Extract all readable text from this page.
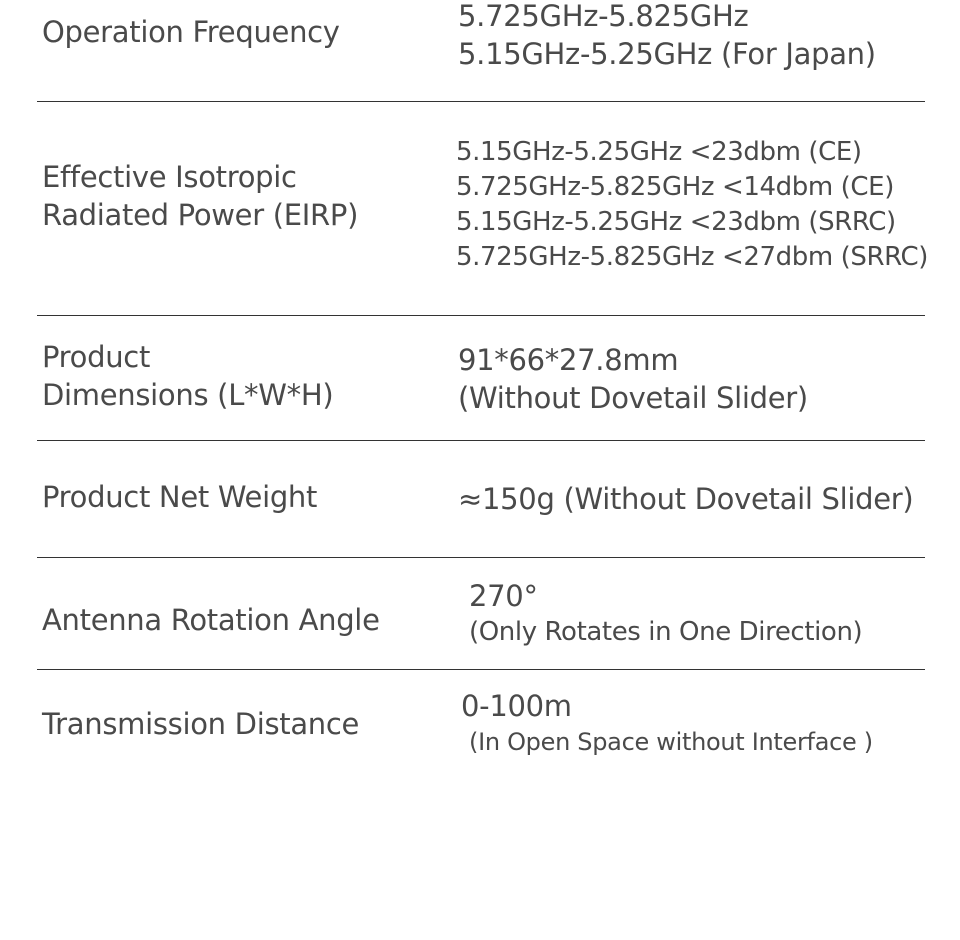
Operation Frequency	5.725GHz-5.825GHz
5.15GHz-5.25GHz (For Japan)
Effective Isotropic
Radiated Power (EIRP)
5.15GHz-5.25GHz <23dbm (CE)
5.725GHz-5.825GHz <14dbm (CE)
5.15GHz-5.25GHz <23dbm (SRRC)
5.725GHz-5.825GHz <27dbm (SRRC)
Product
Dimensions (L*W*H)
91*66*27.8mm
(Without Dovetail Slider)
Product Net Weight	≈150g (Without Dovetail Slider)
Antenna Rotation Angle
270°
(Only Rotates in One Direction)
Transmission Distance
0-100m
(In Open Space without Interface )
